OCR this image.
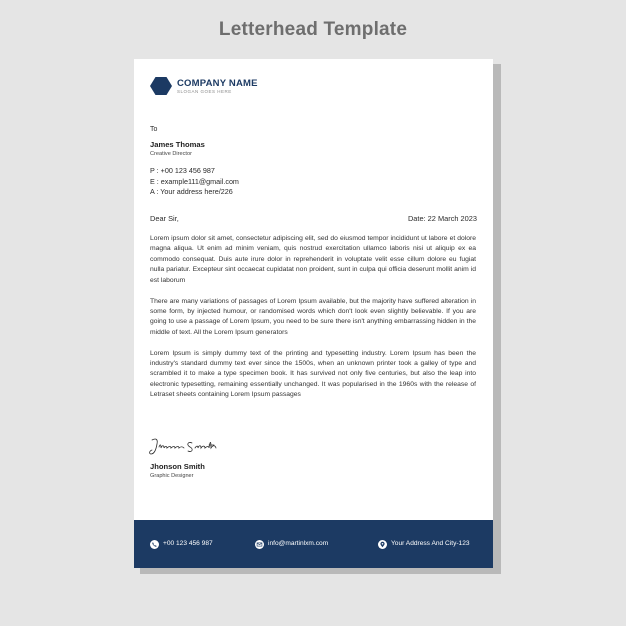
Letterhead Template
COMPANY NAME
SLOGAN GOES HERE
To
James Thomas
Creative Director
P : +00 123 456 987
E : example111@gmail.com
A : Your address here/226
Dear Sir,	Date: 22 March 2023

Lorem ipsum dolor sit amet, consectetur adipiscing elit, sed do eiusmod tempor incididunt ut labore et dolore magna aliqua. Ut enim ad minim veniam, quis nostrud exercitation ullamco laboris nisi ut aliquip ex ea commodo consequat. Duis aute irure dolor in reprehenderit in voluptate velit esse cillum dolore eu fugiat nulla pariatur. Excepteur sint occaecat cupidatat non proident, sunt in culpa qui officia deserunt mollit anim id est laborum

There are many variations of passages of Lorem Ipsum available, but the majority have suffered alteration in some form, by injected humour, or randomised words which don't look even slightly believable. If you are going to use a passage of Lorem Ipsum, you need to be sure there isn't anything embarrassing hidden in the middle of text. All the Lorem Ipsum generators

Lorem Ipsum is simply dummy text of the printing and typesetting industry. Lorem Ipsum has been the industry's standard dummy text ever since the 1500s, when an unknown printer took a galley of type and scrambled it to make a type specimen book. It has survived not only five centuries, but also the leap into electronic typesetting, remaining essentially unchanged. It was popularised in the 1960s with the release of Letraset sheets containing Lorem Ipsum passages

Jhonson Smith
Graphic Designer
+00 123 456 987	info@martinlxm.com	Your Address And City-123
